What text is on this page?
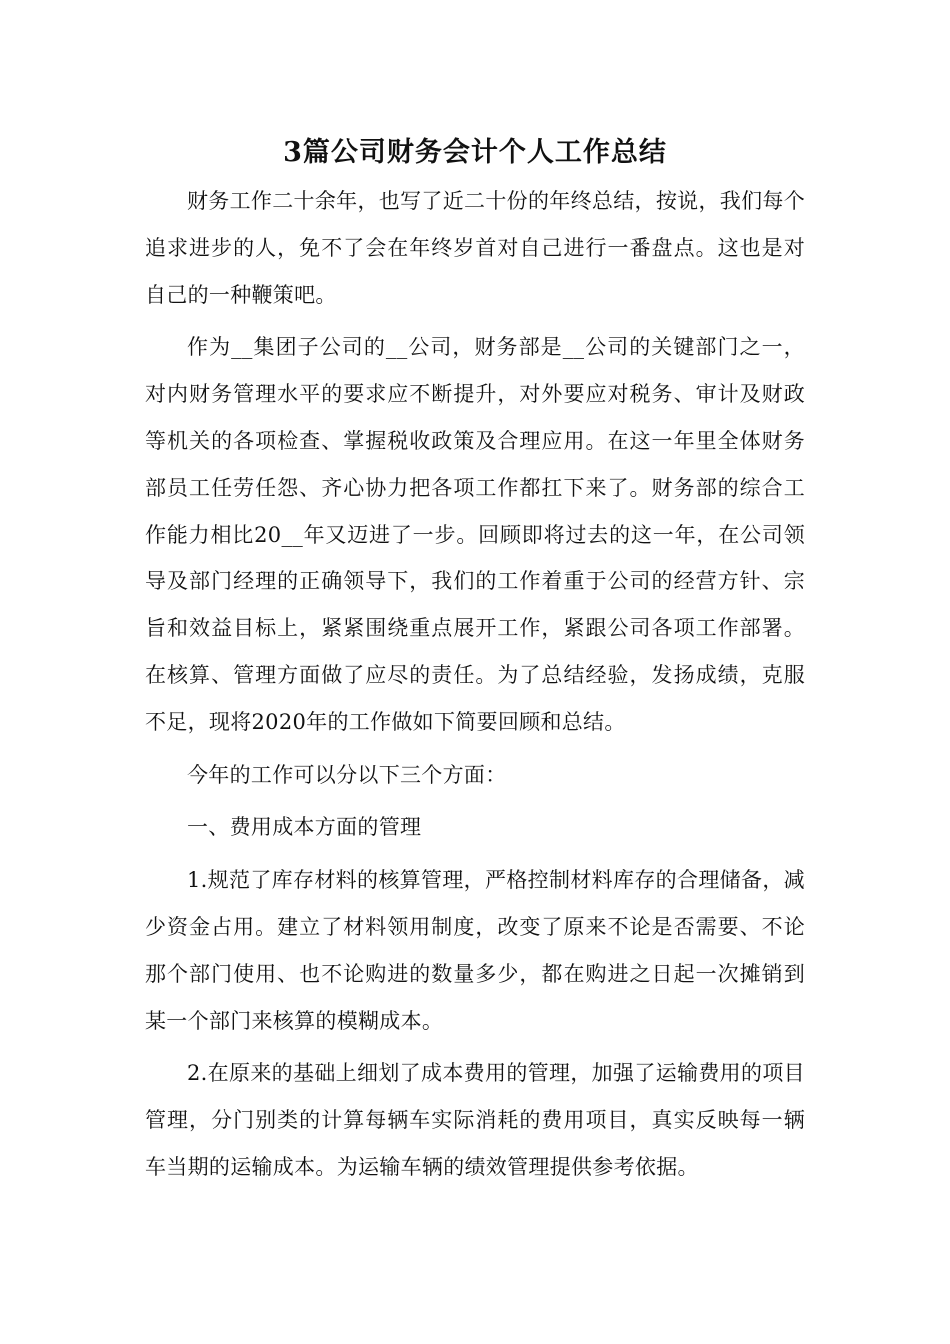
3篇公司财务会计个人工作总结

财务工作二十余年，也写了近二十份的年终总结，按说，我们每个追求进步的人，免不了会在年终岁首对自己进行一番盘点。这也是对自己的一种鞭策吧。

作为__集团子公司的__公司，财务部是__公司的关键部门之一，对内财务管理水平的要求应不断提升，对外要应对税务、审计及财政等机关的各项检查、掌握税收政策及合理应用。在这一年里全体财务部员工任劳任怨、齐心协力把各项工作都扛下来了。财务部的综合工作能力相比20__年又迈进了一步。回顾即将过去的这一年，在公司领导及部门经理的正确领导下，我们的工作着重于公司的经营方针、宗旨和效益目标上，紧紧围绕重点展开工作，紧跟公司各项工作部署。在核算、管理方面做了应尽的责任。为了总结经验，发扬成绩，克服不足，现将2020年的工作做如下简要回顾和总结。

今年的工作可以分以下三个方面：

一、费用成本方面的管理

1.规范了库存材料的核算管理，严格控制材料库存的合理储备，减少资金占用。建立了材料领用制度，改变了原来不论是否需要、不论那个部门使用、也不论购进的数量多少，都在购进之日起一次摊销到某一个部门来核算的模糊成本。

2.在原来的基础上细划了成本费用的管理，加强了运输费用的项目管理，分门别类的计算每辆车实际消耗的费用项目，真实反映每一辆车当期的运输成本。为运输车辆的绩效管理提供参考依据。
